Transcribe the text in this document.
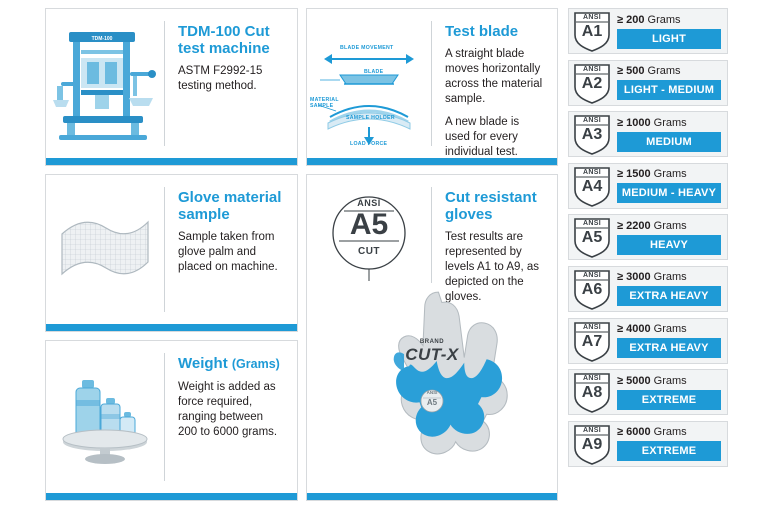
TDM-100	TDM-100 Cut test machine
ASTM F2992-15 testing method.
BLADE MOVEMENT
BLADE
MATERIAL SAMPLE
SAMPLE HOLDER
LOAD FORCE
Test blade
A straight blade moves horizontally across the material sample.
A new blade is used for every individual test.
Glove material sample
Sample taken from glove palm and placed on machine.
Weight (Grams)
Weight is added as force required, ranging between 200 to 6000 grams.
ANSI
A5
CUT
Cut resistant gloves
Test results are represented by levels A1 to A9, as depicted on the gloves.
BRAND
CUT-X
ANSI
A5
ANSI
A1
≥ 200 Grams
LIGHT
ANSI
A2
≥ 500 Grams
LIGHT - MEDIUM
ANSI
A3
≥ 1000 Grams
MEDIUM
ANSI
A4
≥ 1500 Grams
MEDIUM - HEAVY
ANSI
A5
≥ 2200 Grams
HEAVY
ANSI
A6
≥ 3000 Grams
EXTRA HEAVY
ANSI
A7
≥ 4000 Grams
EXTRA HEAVY
ANSI
A8
≥ 5000 Grams
EXTREME
ANSI
A9
≥ 6000 Grams
EXTREME
